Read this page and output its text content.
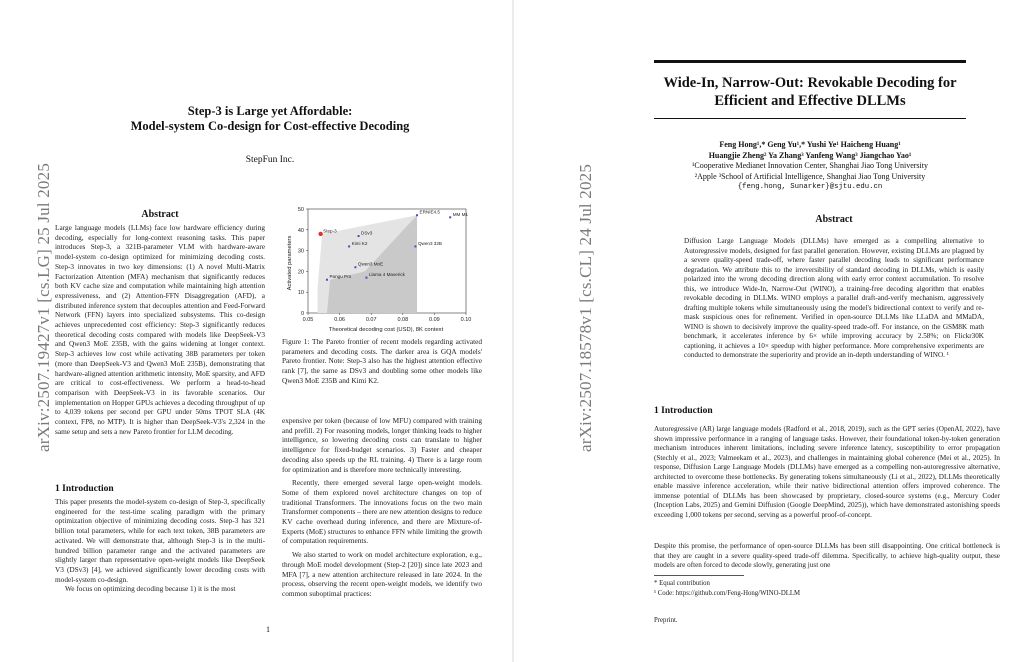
arXiv:2507.19427v1 [cs.LG] 25 Jul 2025
Step-3 is Large yet Affordable:
Model-system Co-design for Cost-effective Decoding
StepFun Inc.
Abstract
Large language models (LLMs) face low hardware efficiency during decoding, especially for long-context reasoning tasks. This paper introduces Step-3, a 321B-parameter VLM with hardware-aware model-system co-design optimized for minimizing decoding costs. Step-3 innovates in two key dimensions: (1) A novel Multi-Matrix Factorization Attention (MFA) mechanism that significantly reduces both KV cache size and computation while maintaining high attention expressiveness, and (2) Attention-FFN Disaggregation (AFD), a distributed inference system that decouples attention and Feed-Forward Network (FFN) layers into specialized subsystems. This co-design achieves unprecedented cost efficiency: Step-3 significantly reduces theoretical decoding costs compared with models like DeepSeek-V3 and Qwen3 MoE 235B, with the gains widening at longer context. Step-3 achieves low cost while activating 38B parameters per token (more than DeepSeek-V3 and Qwen3 MoE 235B), demonstrating that hardware-aligned attention arithmetic intensity, MoE sparsity, and AFD are critical to cost-effectiveness. We perform a head-to-head comparison with DeepSeek-V3 in its favorable scenarios. Our implementation on Hopper GPUs achieves a decoding throughput of up to 4,039 tokens per second per GPU under 50ms TPOT SLA (4K context, FP8, no MTP). It is higher than DeepSeek-V3's 2,324 in the same setup and sets a new Pareto frontier for LLM decoding.
1 Introduction

This paper presents the model-system co-design of Step-3, specifically engineered for the test-time scaling paradigm with the primary optimization objective of minimizing decoding costs. Step-3 has 321 billion total parameters, while for each text token, 38B parameters are activated. We will demonstrate that, although Step-3 is in the multi-hundred billion parameter range and the activated parameters are slightly larger than representative open-weight models like DeepSeek V3 (DSv3) [4], we achieved significantly lower decoding costs with model-system co-design.

We focus on optimizing decoding because 1) it is the most

0.05	0.06	0.07	0.08	0.09	0.10
0
10
20
30
40
50
Step-3	DSv3
Kimi K2
Qwen3 MoE
Pangu Pro	Llama 4 Maverick
ERNIE4.5	MM M1
Qwen3 32B
Theoretical decoding cost (USD), 8K context
Activated parameters
Figure 1: The Pareto frontier of recent models regarding activated parameters and decoding costs. The darker area is GQA models' Pareto frontier. Note: Step-3 also has the highest attention effective rank [7], the same as DSv3 and doubling some other models like Qwen3 MoE 235B and Kimi K2.

expensive per token (because of low MFU) compared with training and prefill. 2) For reasoning models, longer thinking leads to higher intelligence, so lowering decoding costs can translate to higher intelligence for fixed-budget scenarios. 3) Faster and cheaper decoding also speeds up the RL training. 4) There is a large room for optimization and is therefore more technically interesting.

Recently, there emerged several large open-weight models. Some of them explored novel architecture changes on top of traditional Transformers. The innovations focus on the two main Transformer components – there are new attention designs to reduce KV cache overhead during inference, and there are Mixture-of-Experts (MoE) structures to enhance FFN while limiting the growth of computation requirements.

We also started to work on model architecture exploration, e.g., through MoE model development (Step-2 [20]) since late 2023 and MFA [7], a new attention architecture released in late 2024. In the process, observing the recent open-weight models, we identify two common suboptimal practices:

1
arXiv:2507.18578v1 [cs.CL] 24 Jul 2025
Wide-In, Narrow-Out: Revokable Decoding for
Efficient and Effective DLLMs
Feng Hong¹,* Geng Yu¹,* Yushi Ye¹ Haicheng Huang¹
Huangjie Zheng² Ya Zhang³ Yanfeng Wang³ Jiangchao Yao¹
¹Cooperative Medianet Innovation Center, Shanghai Jiao Tong University
²Apple ³School of Artificial Intelligence, Shanghai Jiao Tong University
{feng.hong, Sunarker}@sjtu.edu.cn
Abstract
Diffusion Large Language Models (DLLMs) have emerged as a compelling alternative to Autoregressive models, designed for fast parallel generation. However, existing DLLMs are plagued by a severe quality-speed trade-off, where faster parallel decoding leads to significant performance degradation. We attribute this to the irreversibility of standard decoding in DLLMs, which is easily polarized into the wrong decoding direction along with early error context accumulation. To resolve this, we introduce Wide-In, Narrow-Out (WINO), a training-free decoding algorithm that enables revokable decoding in DLLMs. WINO employs a parallel draft-and-verify mechanism, aggressively drafting multiple tokens while simultaneously using the model's bidirectional context to verify and re-mask suspicious ones for refinement. Verified in open-source DLLMs like LLaDA and MMaDA, WINO is shown to decisively improve the quality-speed trade-off. For instance, on the GSM8K math benchmark, it accelerates inference by 6× while improving accuracy by 2.58%; on Flickr30K captioning, it achieves a 10× speedup with higher performance. More comprehensive experiments are conducted to demonstrate the superiority and provide an in-depth understanding of WINO. ¹
1 Introduction
Autoregressive (AR) large language models (Radford et al., 2018, 2019), such as the GPT series (OpenAI, 2022), have shown impressive performance in a ranging of language tasks. However, their foundational token-by-token generation mechanism introduces inherent limitations, including severe inference latency, susceptibility to error propagation (Stechly et al., 2023; Valmeekam et al., 2023), and challenges in maintaining global coherence (Mei et al., 2025). In response, Diffusion Large Language Models (DLLMs) have emerged as a compelling non-autoregressive alternative, architected to overcome these bottlenecks. By generating tokens simultaneously (Li et al., 2022), DLLMs theoretically enable massive inference acceleration, while their native bidirectional attention offers improved coherence. The immense potential of DLLMs has been showcased by proprietary, closed-source systems (e.g., Mercury Coder (Inception Labs, 2025) and Gemini Diffusion (Google DeepMind, 2025)), which have demonstrated astonishing speeds exceeding 1,000 tokens per second, serving as a powerful proof-of-concept.
Despite this promise, the performance of open-source DLLMs has been still disappointing. One critical bottleneck is that they are caught in a severe quality-speed trade-off dilemma. Specifically, to achieve high-quality output, these models are often forced to decode slowly, generating just one
* Equal contribution
¹ Code: https://github.com/Feng-Hong/WINO-DLLM
Preprint.
